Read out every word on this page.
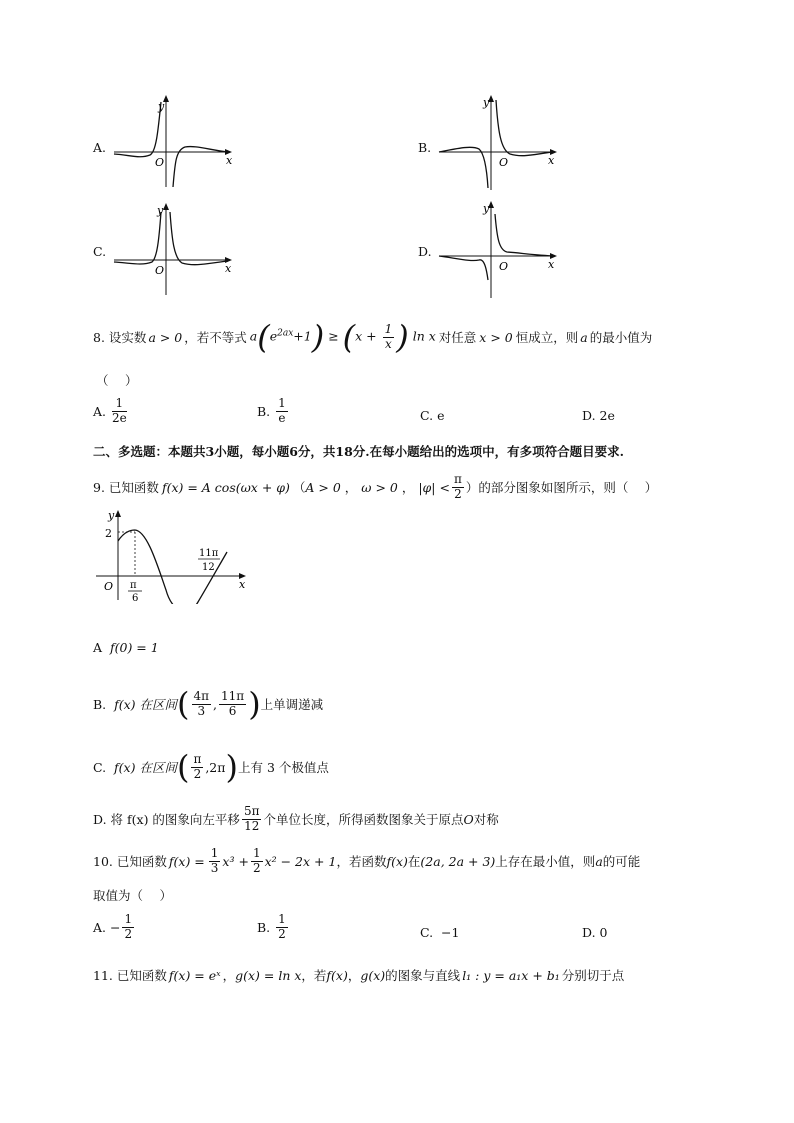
A.
y
x
O
B.
y
x
O
C.
y
x
O
D.
y
x
O
8.
设实数 a > 0 ，若不等式 $a(e^{2ax}+1) \ge (x + \frac{1}{x}$ ) ln x 对任意 x > 0 恒成立，则 a 的最小值为
（　 ）
A.
$\frac{1}{2e}$	B.
$\frac{1}{e}$	C. e	D. 2e
二、多选题：本题共3小题，每小题6分，共18分.在每小题给出的选项中，有多项符合题目要求.
9.
已知函数 f(x) = A cos(ωx + φ) （ A > 0 ， ω > 0 ， $|\varphi| < \frac{\pi}{2}$ ）的部分图象如图所示，则（　 ）
y
x
O
2
π
6
11π
12
A f(0) = 1
B.
f(x) 在区间 ( $\frac{4\pi}{3}$ , $\frac{11\pi}{6}$ ) 上单调递减
C.
f(x) 在区间 ( $\frac{\pi}{2} ,2\pi$ ) 上有 3 个极值点
D.
将 f(x) 的图象向左平移 $\frac{5\pi}{12}$ 个单位长度，所得函数图象关于原点 O 对称
10.
已知函数 $f(x) = \frac{1}{3} x^3 + \frac{1}{2} x^2 - 2x + 1$ ，若函数 f(x) 在 (2a, 2a + 3) 上存在最小值，则 a 的可能
取值为（　 ）
A.
− $\frac{1}{2}$	B.
$\frac{1}{2}$	C. −1	D. 0
11.
已知函数 f(x) = eˣ ， g(x) = ln x ，若 f(x) ， g(x) 的图象与直线 l₁ : y = a₁x + b₁ 分别切于点
